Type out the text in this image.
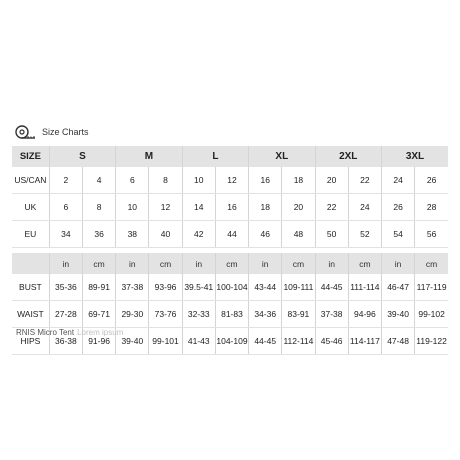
Size Charts
SIZE	S		M		L		XL		2XL		3XL	
US/CAN	2	4	6	8	10	12	16	18	20	22	24	26
UK	6	8	10	12	14	16	18	20	22	24	26	28
EU	34	36	38	40	42	44	46	48	50	52	54	56

	in	cm	in	cm	in	cm	in	cm	in	cm	in	cm
BUST	35-36	89-91	37-38	93-96	39.5-41	100-104	43-44	109-111	44-45	111-114	46-47	117-119
WAIST	27-28	69-71	29-30	73-76	32-33	81-83	34-36	83-91	37-38	94-96	39-40	99-102
HIPS	36-38	91-96	39-40	99-101	41-43	104-109	44-45	112-114	45-46	114-117	47-48	119-122
RNIS Micro Tent Lorem ipsum
